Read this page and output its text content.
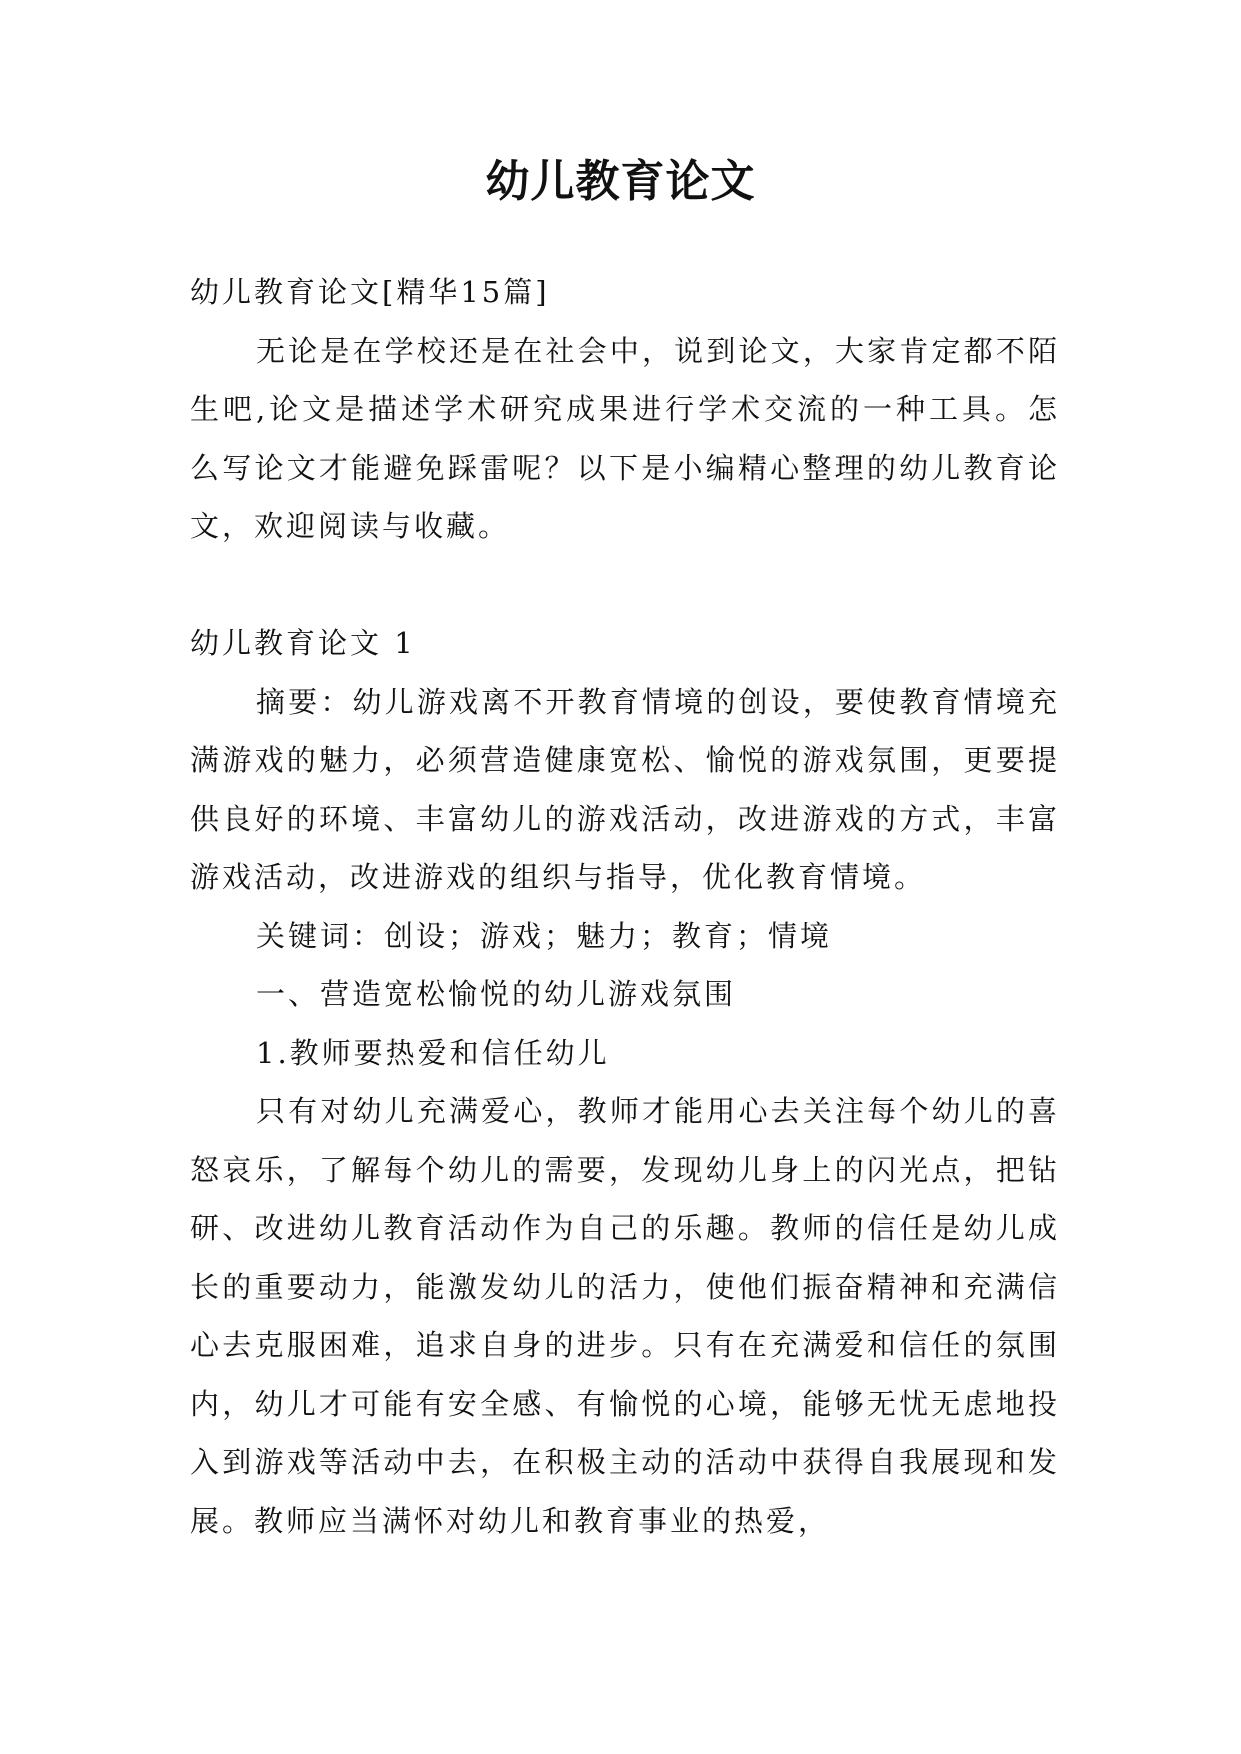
幼儿教育论文

幼儿教育论文[精华15篇]

无论是在学校还是在社会中，说到论文，大家肯定都不陌生吧,论文是描述学术研究成果进行学术交流的一种工具。怎么写论文才能避免踩雷呢？以下是小编精心整理的幼儿教育论文，欢迎阅读与收藏。

幼儿教育论文 1

摘要：幼儿游戏离不开教育情境的创设，要使教育情境充满游戏的魅力，必须营造健康宽松、愉悦的游戏氛围，更要提供良好的环境、丰富幼儿的游戏活动，改进游戏的方式，丰富游戏活动，改进游戏的组织与指导，优化教育情境。

关键词：创设；游戏；魅力；教育；情境

一、营造宽松愉悦的幼儿游戏氛围

1.教师要热爱和信任幼儿

只有对幼儿充满爱心，教师才能用心去关注每个幼儿的喜怒哀乐，了解每个幼儿的需要，发现幼儿身上的闪光点，把钻研、改进幼儿教育活动作为自己的乐趣。教师的信任是幼儿成长的重要动力，能激发幼儿的活力，使他们振奋精神和充满信心去克服困难，追求自身的进步。只有在充满爱和信任的氛围内，幼儿才可能有安全感、有愉悦的心境，能够无忧无虑地投入到游戏等活动中去，在积极主动的活动中获得自我展现和发展。教师应当满怀对幼儿和教育事业的热爱，
